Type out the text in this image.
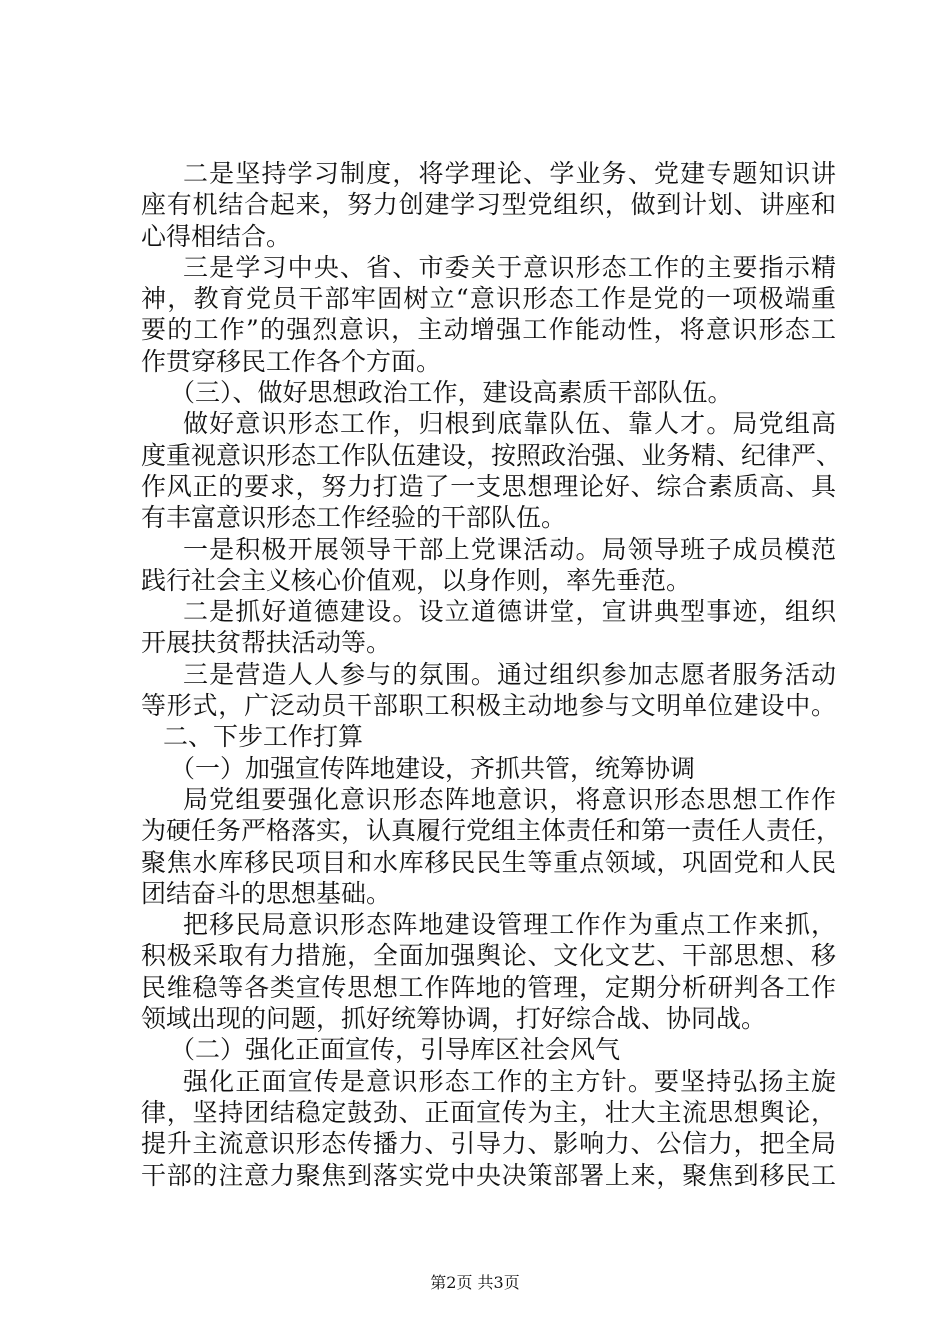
二是坚持学习制度，将学理论、学业务、党建专题知识讲
座有机结合起来，努力创建学习型党组织，做到计划、讲座和
心得相结合。
三是学习中央、省、市委关于意识形态工作的主要指示精
神，教育党员干部牢固树立“意识形态工作是党的一项极端重
要的工作”的强烈意识，主动增强工作能动性，将意识形态工
作贯穿移民工作各个方面。
（三）、做好思想政治工作，建设高素质干部队伍。
做好意识形态工作，归根到底靠队伍、靠人才。局党组高
度重视意识形态工作队伍建设，按照政治强、业务精、纪律严、
作风正的要求，努力打造了一支思想理论好、综合素质高、具
有丰富意识形态工作经验的干部队伍。
一是积极开展领导干部上党课活动。局领导班子成员模范
践行社会主义核心价值观，以身作则，率先垂范。
二是抓好道德建设。设立道德讲堂，宣讲典型事迹，组织
开展扶贫帮扶活动等。
三是营造人人参与的氛围。通过组织参加志愿者服务活动
等形式，广泛动员干部职工积极主动地参与文明单位建设中。
二、下步工作打算
（一）加强宣传阵地建设，齐抓共管，统筹协调
局党组要强化意识形态阵地意识，将意识形态思想工作作
为硬任务严格落实，认真履行党组主体责任和第一责任人责任，
聚焦水库移民项目和水库移民民生等重点领域，巩固党和人民
团结奋斗的思想基础。
把移民局意识形态阵地建设管理工作作为重点工作来抓，
积极采取有力措施，全面加强舆论、文化文艺、干部思想、移
民维稳等各类宣传思想工作阵地的管理，定期分析研判各工作
领域出现的问题，抓好统筹协调，打好综合战、协同战。
（二）强化正面宣传，引导库区社会风气
强化正面宣传是意识形态工作的主方针。要坚持弘扬主旋
律，坚持团结稳定鼓劲、正面宣传为主，壮大主流思想舆论，
提升主流意识形态传播力、引导力、影响力、公信力，把全局
干部的注意力聚焦到落实党中央决策部署上来，聚焦到移民工
第2页 共3页
